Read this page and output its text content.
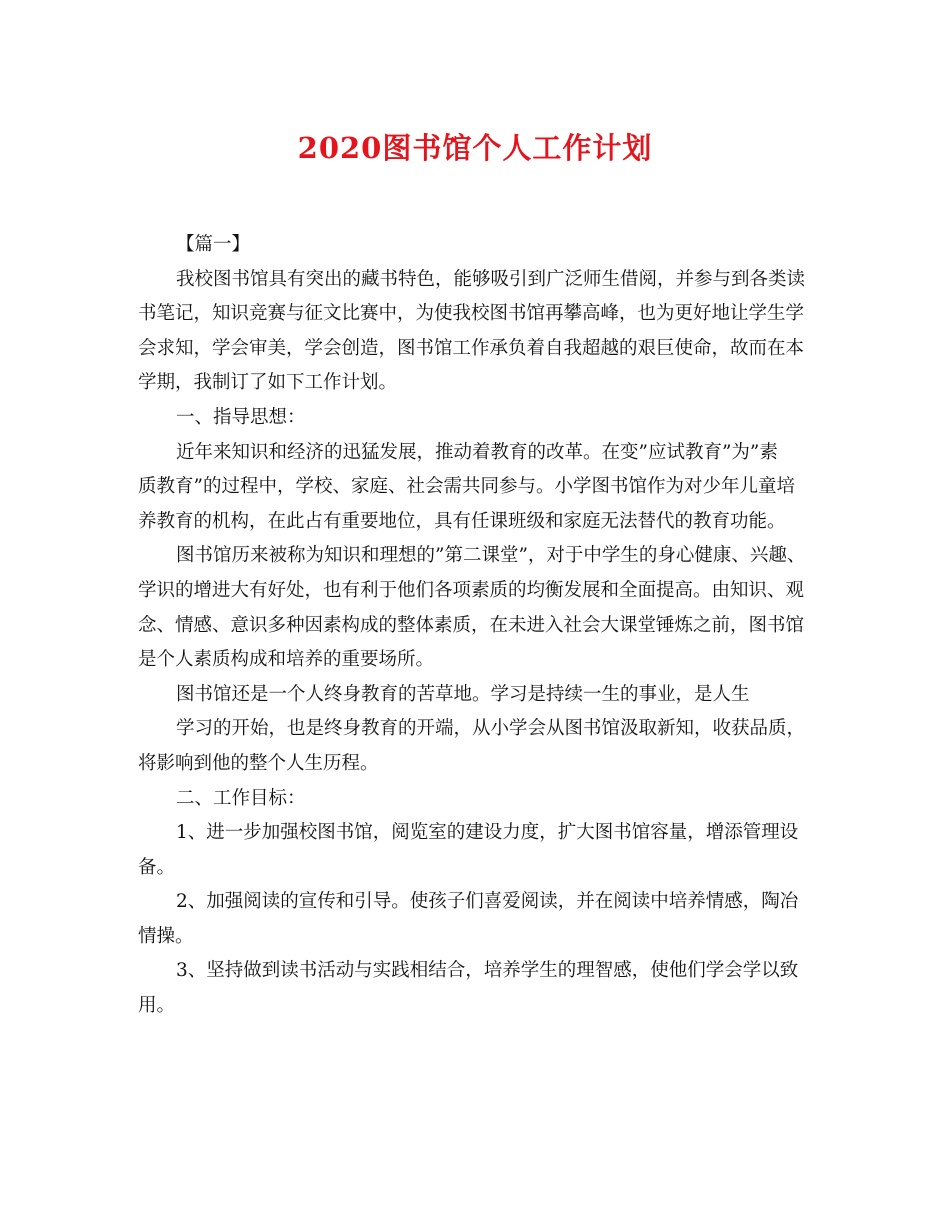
2020图书馆个人工作计划
【篇一】
我校图书馆具有突出的藏书特色，能够吸引到广泛师生借阅，并参与到各类读
书笔记，知识竞赛与征文比赛中，为使我校图书馆再攀高峰，也为更好地让学生学
会求知，学会审美，学会创造，图书馆工作承负着自我超越的艰巨使命，故而在本
学期，我制订了如下工作计划。
一、指导思想：
近年来知识和经济的迅猛发展，推动着教育的改革。在变”应试教育”为”素
质教育”的过程中，学校、家庭、社会需共同参与。小学图书馆作为对少年儿童培
养教育的机构，在此占有重要地位，具有任课班级和家庭无法替代的教育功能。
图书馆历来被称为知识和理想的”第二课堂”，对于中学生的身心健康、兴趣、
学识的增进大有好处，也有利于他们各项素质的均衡发展和全面提高。由知识、观
念、情感、意识多种因素构成的整体素质，在未进入社会大课堂锤炼之前，图书馆
是个人素质构成和培养的重要场所。
图书馆还是一个人终身教育的苦草地。学习是持续一生的事业，是人生
学习的开始，也是终身教育的开端，从小学会从图书馆汲取新知，收获品质，
将影响到他的整个人生历程。
二、工作目标：
1、进一步加强校图书馆，阅览室的建设力度，扩大图书馆容量，增添管理设
备。
2、加强阅读的宣传和引导。使孩子们喜爱阅读，并在阅读中培养情感，陶冶
情操。
3、坚持做到读书活动与实践相结合，培养学生的理智感，使他们学会学以致
用。
